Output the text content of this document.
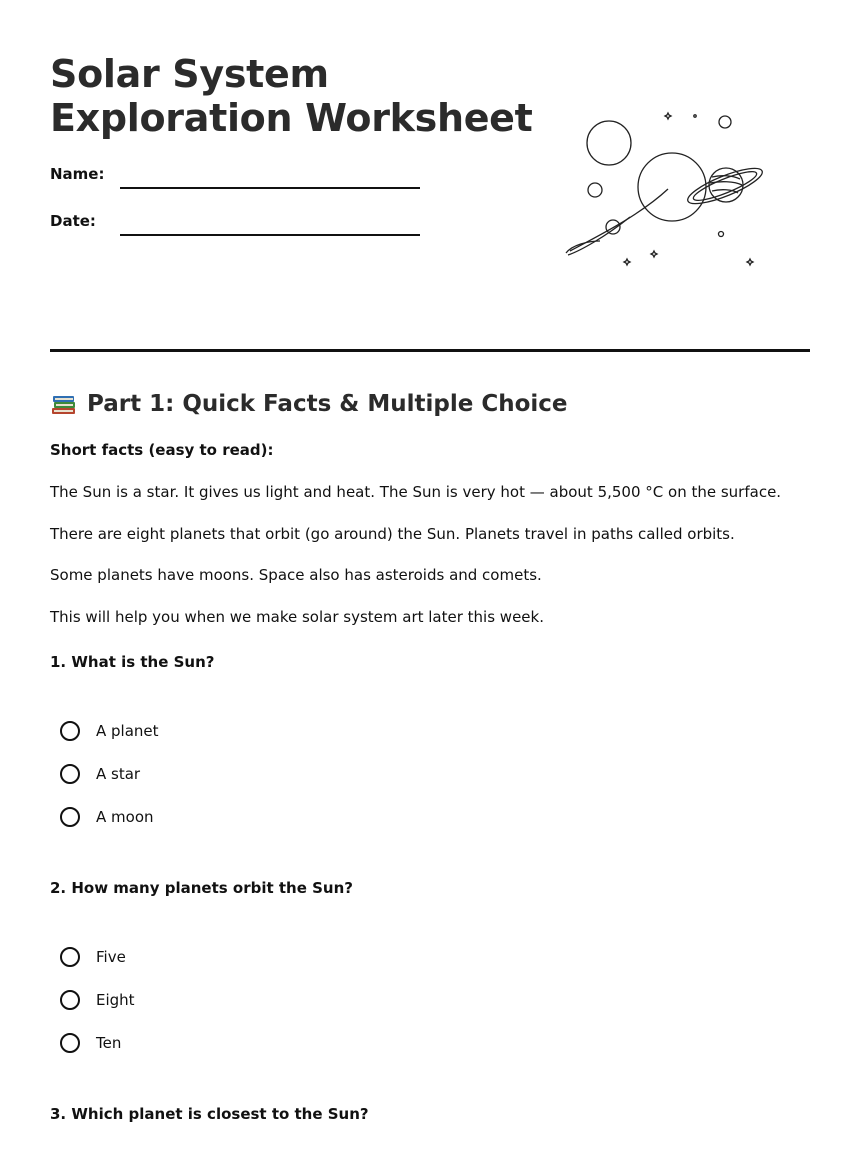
Solar System
Exploration Worksheet
Name:
Date:
Part 1: Quick Facts & Multiple Choice
Short facts (easy to read):
The Sun is a star. It gives us light and heat. The Sun is very hot — about 5,500 °C on the surface.
There are eight planets that orbit (go around) the Sun. Planets travel in paths called orbits.
Some planets have moons. Space also has asteroids and comets.
This will help you when we make solar system art later this week.
1. What is the Sun?
A planet
A star
A moon
2. How many planets orbit the Sun?
Five
Eight
Ten
3. Which planet is closest to the Sun?
